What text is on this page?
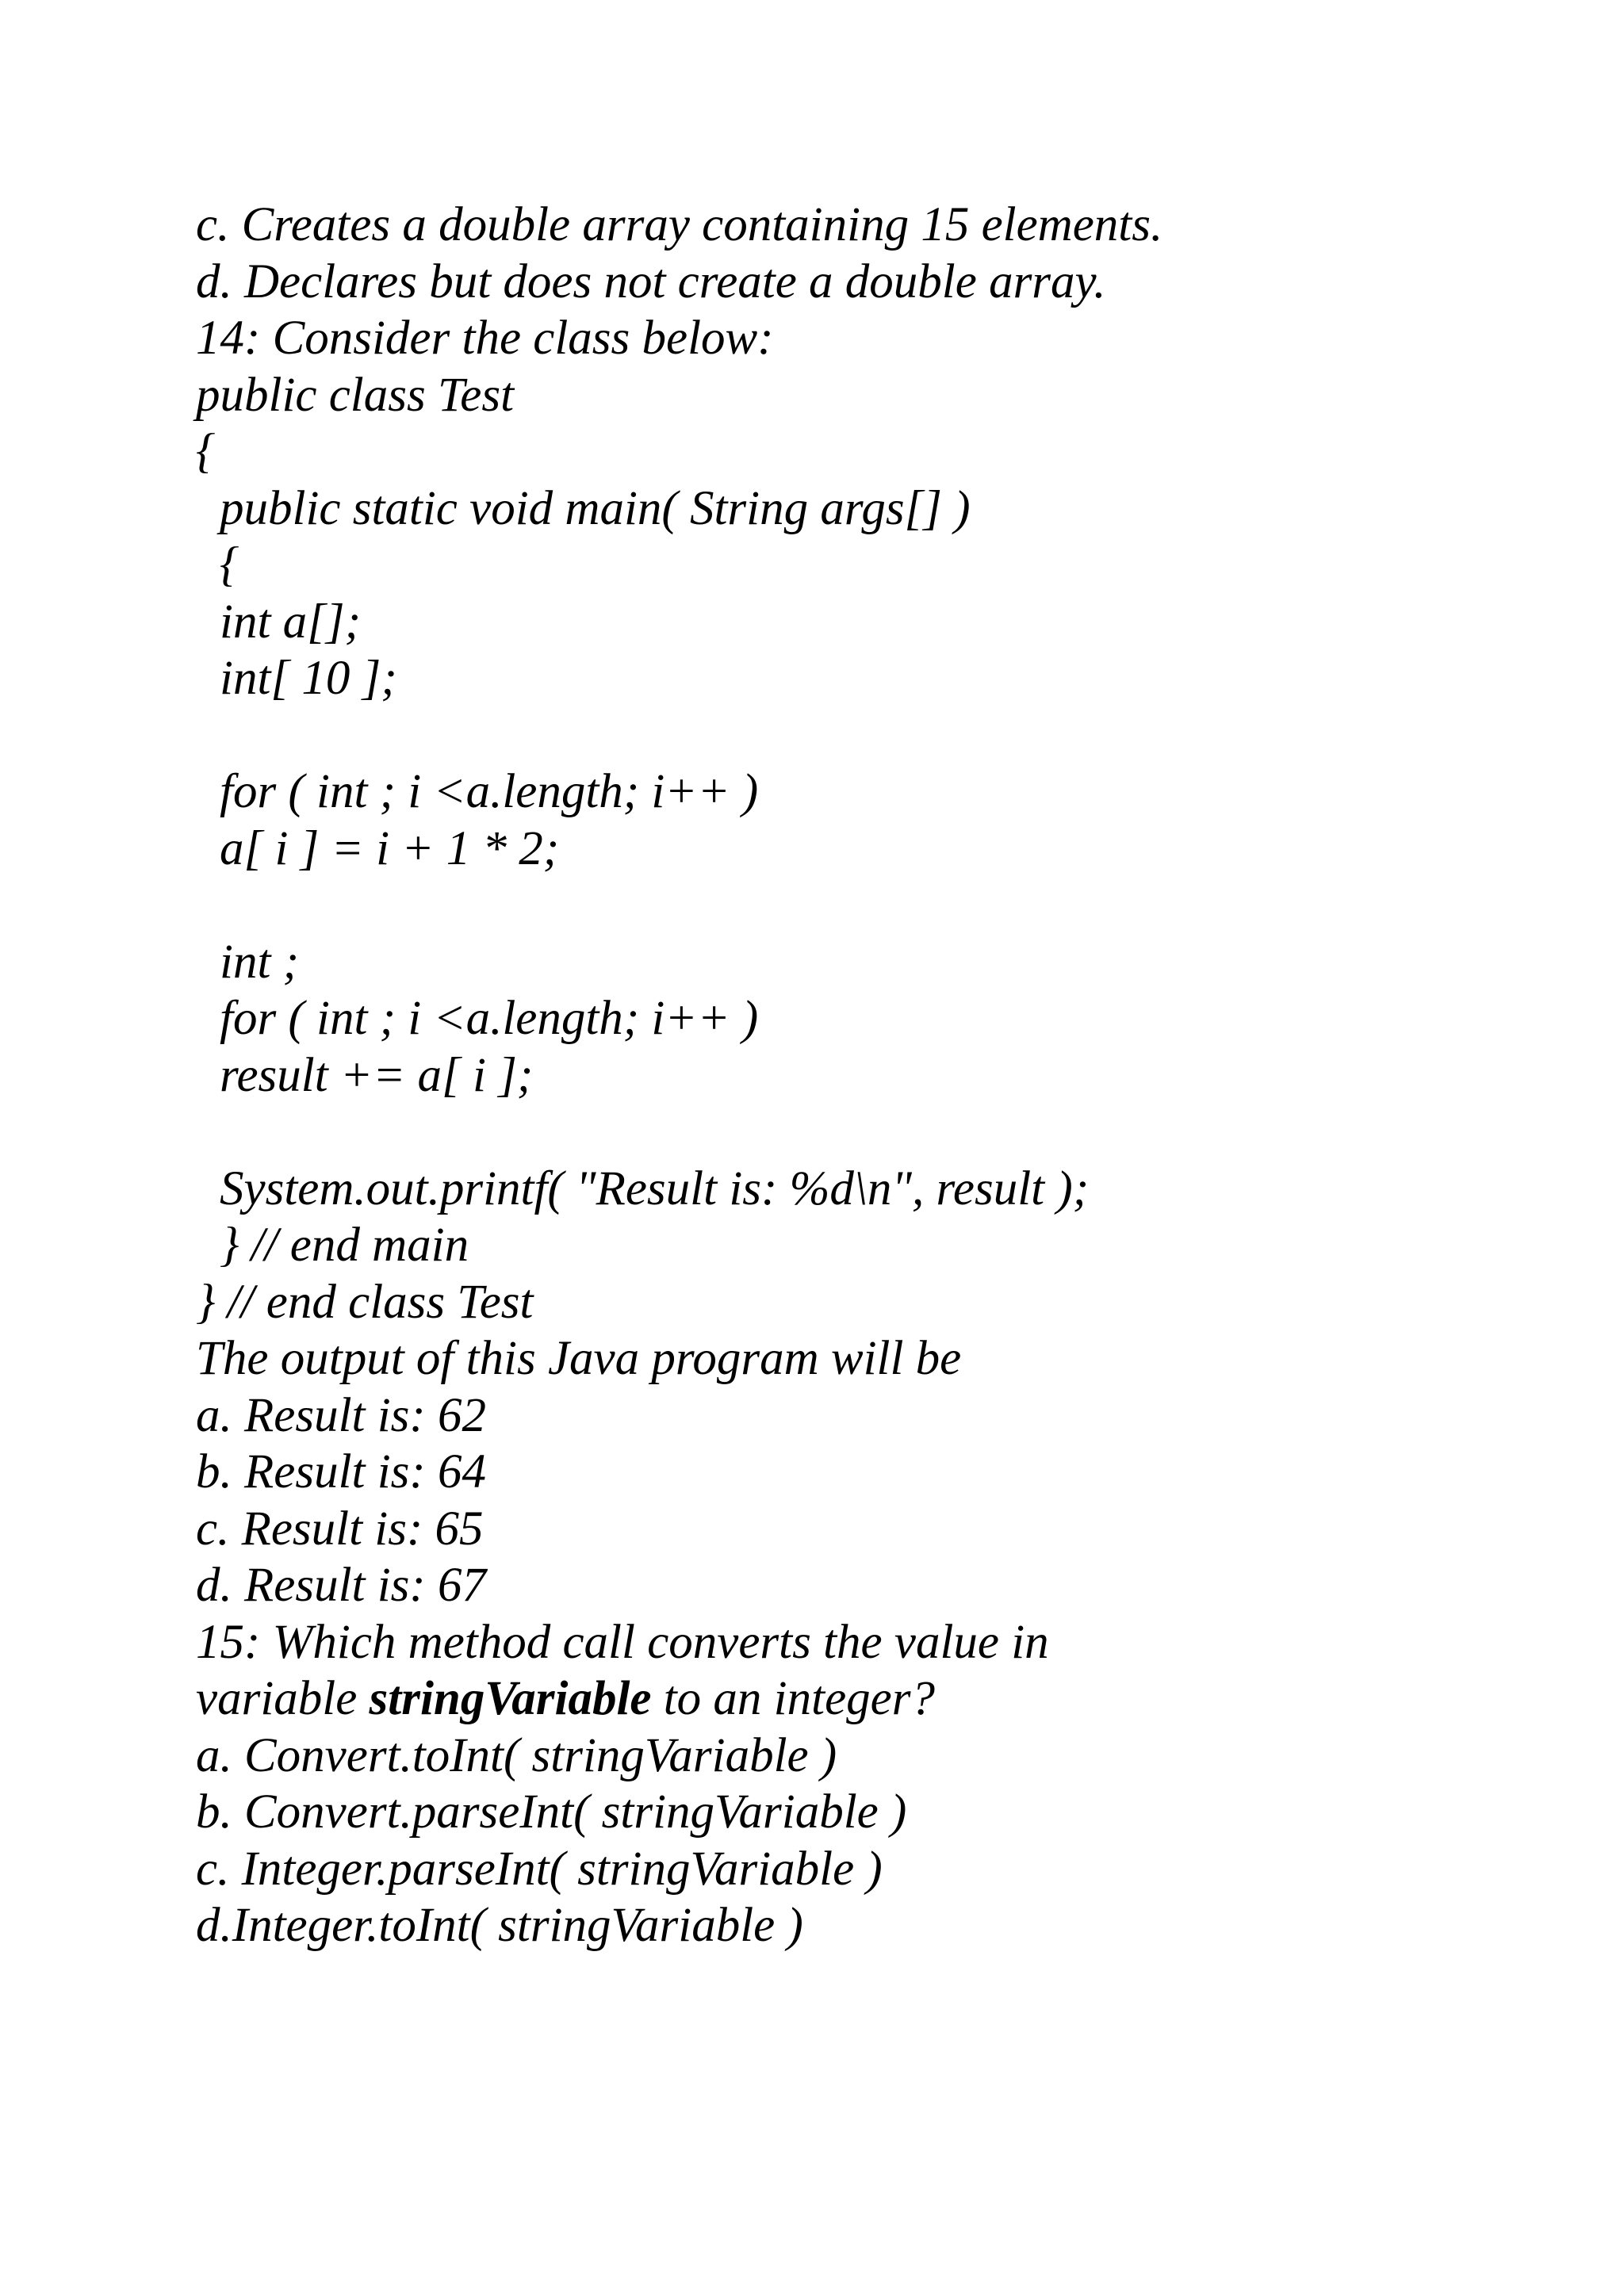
c. Creates a double array containing 15 elements.
d. Declares but does not create a double array.
14: Consider the class below:
public class Test
{
public static void main( String args[] )
{
int a[];
int[ 10 ];
for ( int ; i <a.length; i++ )
a[ i ] = i + 1 * 2;
int ;
for ( int ; i <a.length; i++ )
result += a[ i ];
System.out.printf( "Result is: %d\n", result );
} // end main
} // end class Test
The output of this Java program will be
a. Result is: 62
b. Result is: 64
c. Result is: 65
d. Result is: 67
15: Which method call converts the value in
variable stringVariable to an integer?
a. Convert.toInt( stringVariable )
b. Convert.parseInt( stringVariable )
c. Integer.parseInt( stringVariable )
d.Integer.toInt( stringVariable )
